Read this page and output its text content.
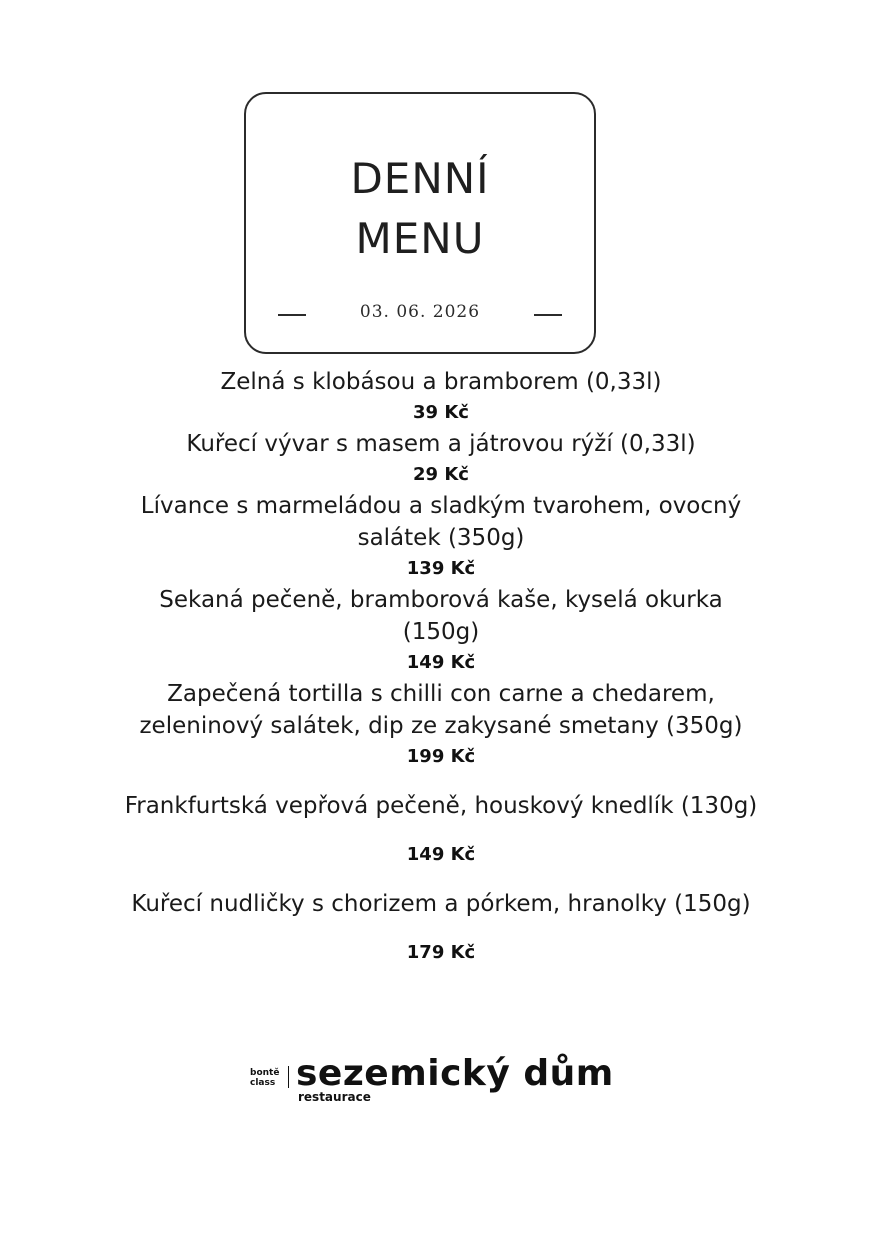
DENNÍ
MENU
03. 06. 2026
Zelná s klobásou a bramborem (0,33l)
39 Kč
Kuřecí vývar s masem a játrovou rýží (0,33l)
29 Kč
Lívance s marmeládou a sladkým tvarohem, ovocný salátek (350g)
139 Kč
Sekaná pečeně, bramborová kaše, kyselá okurka (150g)
149 Kč
Zapečená tortilla s chilli con carne a chedarem, zeleninový salátek, dip ze zakysané smetany (350g)
199 Kč
Frankfurtská vepřová pečeně, houskový knedlík (130g)
149 Kč
Kuřecí nudličky s chorizem a pórkem, hranolky (150g)
179 Kč
bontě
class sezemický dům
restaurace
